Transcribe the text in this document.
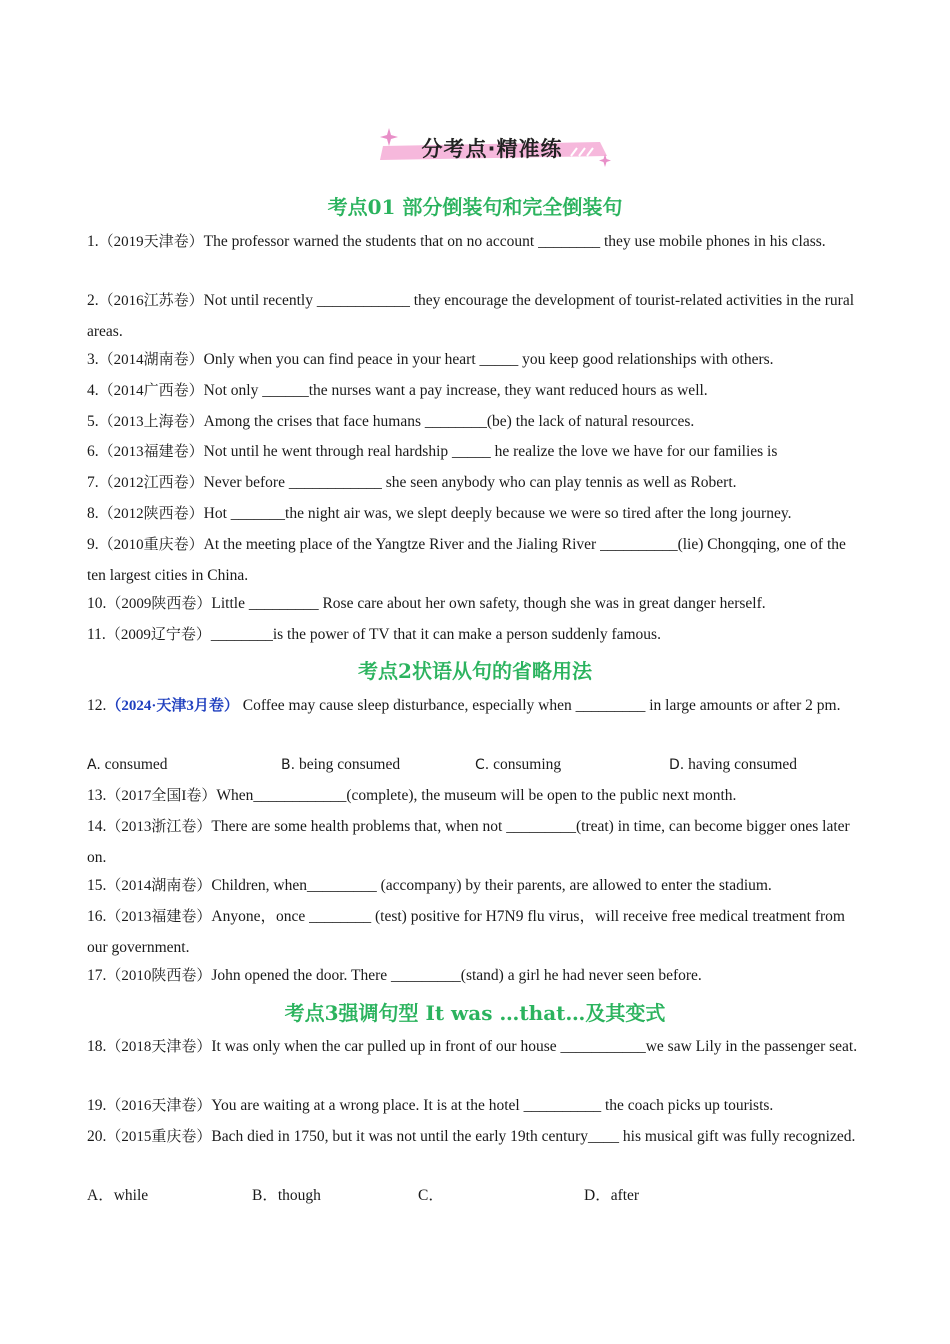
分考点·精准练
考点01 部分倒装句和完全倒装句
1.（2019天津卷）The professor warned the students that on no account ________ they use mobile phones in his class.
2.（2016江苏卷）Not until recently ____________ they encourage the development of tourist-related activities in the rural areas.
3.（2014湖南卷）Only when you can find peace in your heart _____ you keep good relationships with others.
4.（2014广西卷）Not only ______the nurses want a pay increase, they want reduced hours as well.
5.（2013上海卷）Among the crises that face humans ________(be) the lack of natural resources.
6.（2013福建卷）Not until he went through real hardship _____ he realize the love we have for our families is
7.（2012江西卷）Never before ____________ she seen anybody who can play tennis as well as Robert.
8.（2012陕西卷）Hot _______the night air was, we slept deeply because we were so tired after the long journey.
9.（2010重庆卷）At the meeting place of the Yangtze River and the Jialing River __________(lie) Chongqing, one of the ten largest cities in China.
10.（2009陕西卷）Little _________ Rose care about her own safety, though she was in great danger herself.
11.（2009辽宁卷）________is the power of TV that it can make a person suddenly famous.
考点2状语从句的省略用法
12.（2024·天津3月卷） Coffee may cause sleep disturbance, especially when _________ in large amounts or after 2 pm.
A. consumed	B. being consumed	C. consuming	D. having consumed
13.（2017全国I卷）When____________(complete), the museum will be open to the public next month.
14.（2013浙江卷）There are some health problems that, when not _________(treat) in time, can become bigger ones later on.
15.（2014湖南卷）Children, when_________ (accompany) by their parents, are allowed to enter the stadium.
16.（2013福建卷）Anyone，once ________ (test) positive for H7N9 flu virus，will receive free medical treatment from our government.
17.（2010陕西卷）John opened the door. There _________(stand) a girl he had never seen before.
考点3强调句型 It was …that…及其变式
18.（2018天津卷）It was only when the car pulled up in front of our house ___________we saw Lily in the passenger seat.
19.（2016天津卷）You are waiting at a wrong place. It is at the hotel __________ the coach picks up tourists.
20.（2015重庆卷）Bach died in 1750, but it was not until the early 19th century____ his musical gift was fully recognized.
A．while	B．though	C．	D．after
